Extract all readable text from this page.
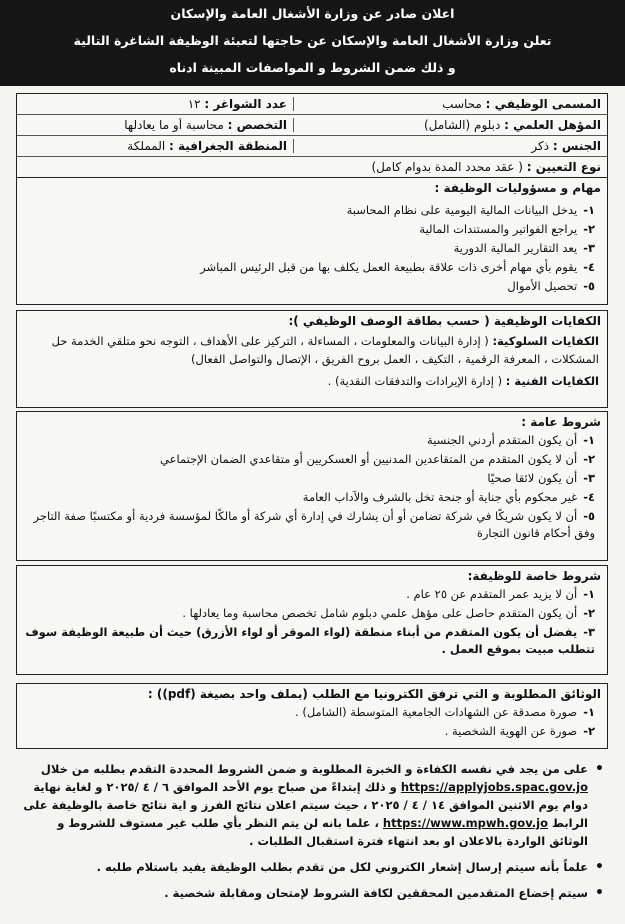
اعلان صادر عن وزارة الأشغال العامة والإسكان
تعلن وزارة الأشغال العامة والإسكان عن حاجتها لتعبئة الوظيفة الشاغرة التالية
و ذلك ضمن الشروط و المواصفات المبينة ادناه
المسمى الوظيفي : محاسب
عدد الشواغر : ١٢
المؤهل العلمي : دبلوم (الشامل)
التخصص : محاسبة أو ما يعادلها
الجنس : ذكر
المنطقة الجغرافية : المملكة
نوع التعيين : ( عقد محدد المدة بدوام كامل)
مهام و مسؤوليات الوظيفة :
١-يدخل البيانات المالية اليومية على نظام المحاسبة
٢-يراجع الفواتير والمستندات المالية
٣-يعد التقارير المالية الدورية
٤-يقوم بأي مهام أخرى ذات علاقة بطبيعة العمل يكلف بها من قبل الرئيس المباشر
٥-تحصيل الأموال
الكفايات الوظيفية ( حسب بطاقة الوصف الوظيفي ):
الكفايات السلوكية: ( إدارة البيانات والمعلومات ، المساءلة ، التركيز على الأهداف ، التوجه نحو متلقي الخدمة حل المشكلات ، المعرفة الرقمية ، التكيف ، العمل بروح الفريق ، الإتصال والتواصل الفعال)
الكفايات الفنية : ( إدارة الإيرادات والتدفقات النقدية) .
شروط عامة :
١-أن يكون المتقدم أردني الجنسية
٢-أن لا يكون المتقدم من المتقاعدين المدنيين أو العسكريين أو متقاعدي الضمان الإجتماعي
٣-أن يكون لائقا صحيًا
٤-غير محكوم بأي جناية أو جنحة تخل بالشرف والآداب العامة
٥-أن لا يكون شريكًا في شركة تضامن أو أن يشارك في إدارة أي شركة أو مالكًا لمؤسسة فردية أو مكتسبًا صفة التاجر وفق أحكام قانون التجارة
شروط خاصة للوظيفة:
١-أن لا يزيد عمر المتقدم عن ٢٥ عام .
٢-أن يكون المتقدم حاصل على مؤهل علمي دبلوم شامل تخصص محاسبة وما يعادلها .
٣-يفضل أن يكون المتقدم من أبناء منطقة (لواء الموقر أو لواء الأزرق) حيث أن طبيعة الوظيفة سوف تتطلب مبيت بموقع العمل .
الوثائق المطلوبة و التي ترفق الكترونيا مع الطلب (بملف واحد بصيغة (pdf)) :
١-صورة مصدقة عن الشهادات الجامعية المتوسطة (الشامل) .
٢-صورة عن الهوية الشخصية .
• على من يجد في نفسه الكفاءة و الخبرة المطلوبة و ضمن الشروط المحددة التقدم بطلبه من خلال https://applyjobs.spac.gov.jo و ذلك إبتداءً من صباح يوم الأحد الموافق ٦ / ٤ /٢٠٢٥ و لغاية نهاية دوام يوم الاثنين الموافق ١٤ / ٤ / ٢٠٢٥ ، حيث سيتم اعلان نتائج الفرز و اية نتائج خاصة بالوظيفة على الرابط https://www.mpwh.gov.jo ، علما بانه لن يتم النظر بأي طلب غير مستوف للشروط و الوثائق الواردة بالاعلان او بعد انتهاء فترة استقبال الطلبات .
• علماً بأنه سيتم إرسال إشعار الكتروني لكل من تقدم بطلب الوظيفة يفيد باستلام طلبه .
• سيتم إخضاع المتقدمين المحققين لكافة الشروط لإمتحان ومقابلة شخصية .
